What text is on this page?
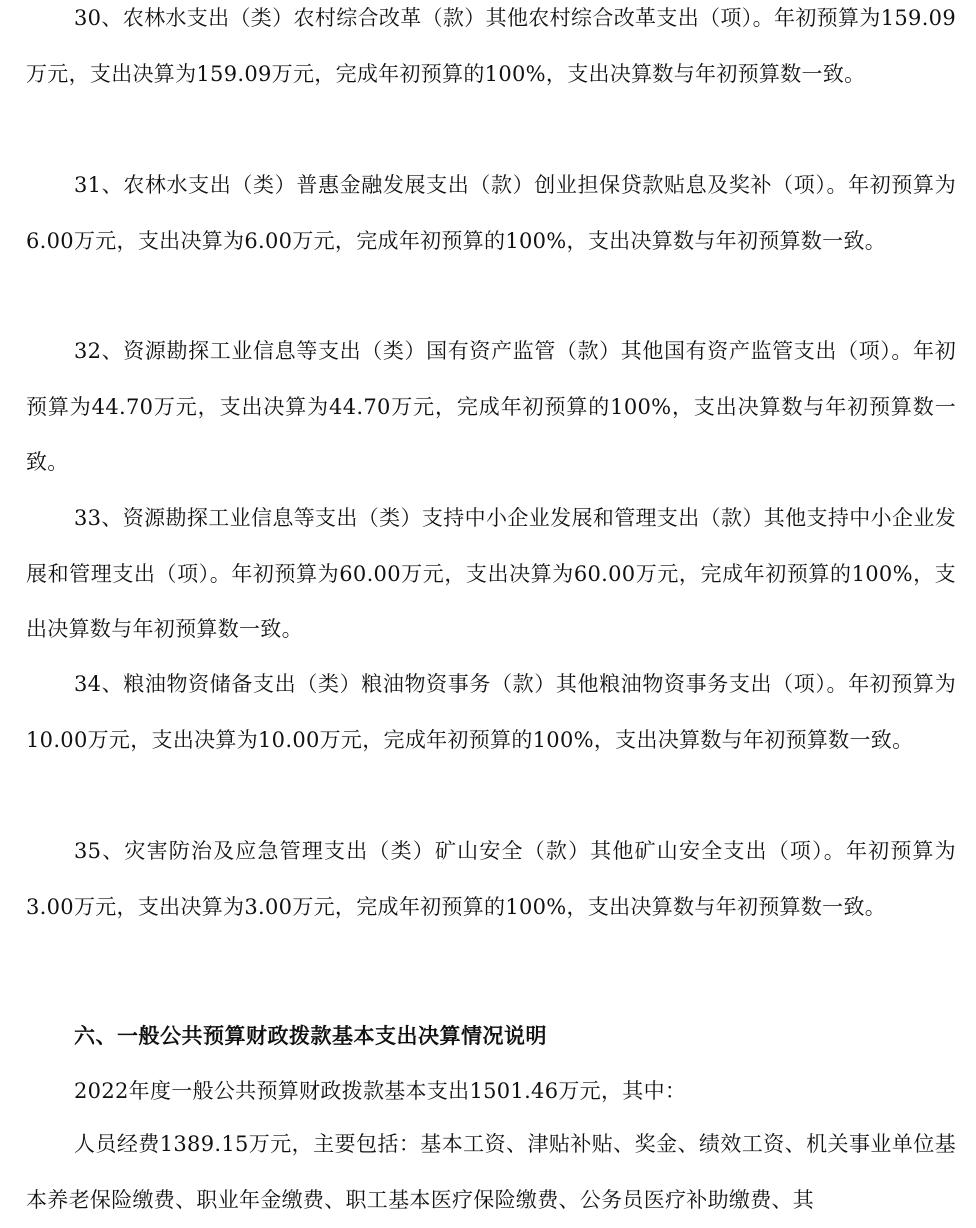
30、农林水支出（类）农村综合改革（款）其他农村综合改革支出（项）。年初预算为159.09万元，支出决算为159.09万元，完成年初预算的100%，支出决算数与年初预算数一致。

31、农林水支出（类）普惠金融发展支出（款）创业担保贷款贴息及奖补（项）。年初预算为6.00万元，支出决算为6.00万元，完成年初预算的100%，支出决算数与年初预算数一致。

32、资源勘探工业信息等支出（类）国有资产监管（款）其他国有资产监管支出（项）。年初预算为44.70万元，支出决算为44.70万元，完成年初预算的100%，支出决算数与年初预算数一致。

33、资源勘探工业信息等支出（类）支持中小企业发展和管理支出（款）其他支持中小企业发展和管理支出（项）。年初预算为60.00万元，支出决算为60.00万元，完成年初预算的100%，支出决算数与年初预算数一致。

34、粮油物资储备支出（类）粮油物资事务（款）其他粮油物资事务支出（项）。年初预算为10.00万元，支出决算为10.00万元，完成年初预算的100%，支出决算数与年初预算数一致。

35、灾害防治及应急管理支出（类）矿山安全（款）其他矿山安全支出（项）。年初预算为3.00万元，支出决算为3.00万元，完成年初预算的100%，支出决算数与年初预算数一致。

六、一般公共预算财政拨款基本支出决算情况说明

2022年度一般公共预算财政拨款基本支出1501.46万元，其中：

人员经费1389.15万元，主要包括：基本工资、津贴补贴、奖金、绩效工资、机关事业单位基本养老保险缴费、职业年金缴费、职工基本医疗保险缴费、公务员医疗补助缴费、其
